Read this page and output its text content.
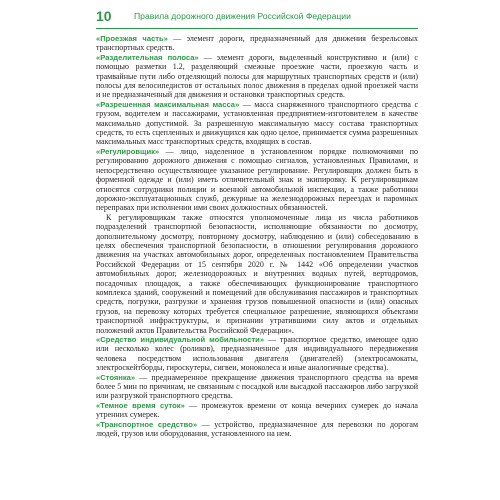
10	Правила дорожного движения Российской Федерации

«Проезжая часть» — элемент дороги, предназначенный для движения безрельсовых транспортных средств.

«Разделительная полоса» — элемент дороги, выделенный конструктивно и (или) с помощью разметки 1.2, разделяющий смежные проезжие части, проезжую часть и трамвайные пути либо отделяющий полосы для маршрутных транспортных средств и (или) полосы для велосипедистов от остальных полос движения в пределах одной проезжей части и не предназначенный для движения и остановки транспортных средств.

«Разрешенная максимальная масса» — масса снаряженного транспортного средства с грузом, водителем и пассажирами, установленная предприятием-изготовителем в качестве максимально допустимой. За разрешенную максимальную массу состава транспортных средств, то есть сцепленных и движущихся как одно целое, принимается сумма разрешенных максимальных масс транспортных средств, входящих в состав.

«Регулировщик» — лицо, наделенное в установленном порядке полномочиями по регулированию дорожного движения с помощью сигналов, установленных Правилами, и непосредственно осуществляющее указанное регулирование. Регулировщик должен быть в форменной одежде и (или) иметь отличительный знак и экипировку. К регулировщикам относятся сотрудники полиции и военной автомобильной инспекции, а также работники дорожно-эксплуатационных служб, дежурные на железнодорожных переездах и паромных переправах при исполнении ими своих должностных обязанностей.

К регулировщикам также относятся уполномоченные лица из числа работников подразделений транспортной безопасности, исполняющие обязанности по досмотру, дополнительному досмотру, повторному досмотру, наблюдению и (или) собеседованию в целях обеспечения транспортной безопасности, в отношении регулирования дорожного движения на участках автомобильных дорог, определенных постановлением Правительства Российской Федерации от 15 сентября 2020 г. № 1442 «Об определении участков автомобильных дорог, железнодорожных и внутренних водных путей, вертодромов, посадочных площадок, а также обеспечивающих функционирование транспортного комплекса зданий, сооружений и помещений для обслуживания пассажиров и транспортных средств, погрузки, разгрузки и хранения грузов повышенной опасности и (или) опасных грузов, на перевозку которых требуется специальное разрешение, являющихся объектами транспортной инфраструктуры, и признании утратившими силу актов и отдельных положений актов Правительства Российской Федерации».

«Средство индивидуальной мобильности» — транспортное средство, имеющее одно или несколько колес (роликов), предназначенное для индивидуального передвижения человека посредством использования двигателя (двигателей) (электросамокаты, электроскейтборды, гироскутеры, сигвеи, моноколеса и иные аналогичные средства).

«Стоянка» — преднамеренное прекращение движения транспортного средства на время более 5 мин по причинам, не связанным с посадкой или высадкой пассажиров либо загрузкой или разгрузкой транспортного средства.

«Темное время суток» — промежуток времени от конца вечерних сумерек до начала утренних сумерек.

«Транспортное средство» — устройство, предназначенное для перевозки по дорогам людей, грузов или оборудования, установленного на нем.
